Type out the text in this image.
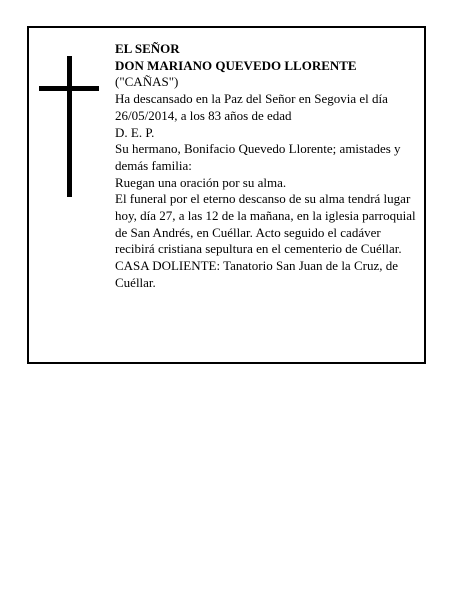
EL SEÑOR
DON MARIANO QUEVEDO LLORENTE
("CAÑAS")
Ha descansado en la Paz del Señor en Segovia el día 26/05/2014, a los 83 años de edad
D. E. P.
Su hermano, Bonifacio Quevedo Llorente; amistades y demás familia:
Ruegan una oración por su alma.
El funeral por el eterno descanso de su alma tendrá lugar hoy, día 27, a las 12 de la mañana, en la iglesia parroquial de San Andrés, en Cuéllar. Acto seguido el cadáver recibirá cristiana sepultura en el cementerio de Cuéllar.
CASA DOLIENTE: Tanatorio San Juan de la Cruz, de Cuéllar.
